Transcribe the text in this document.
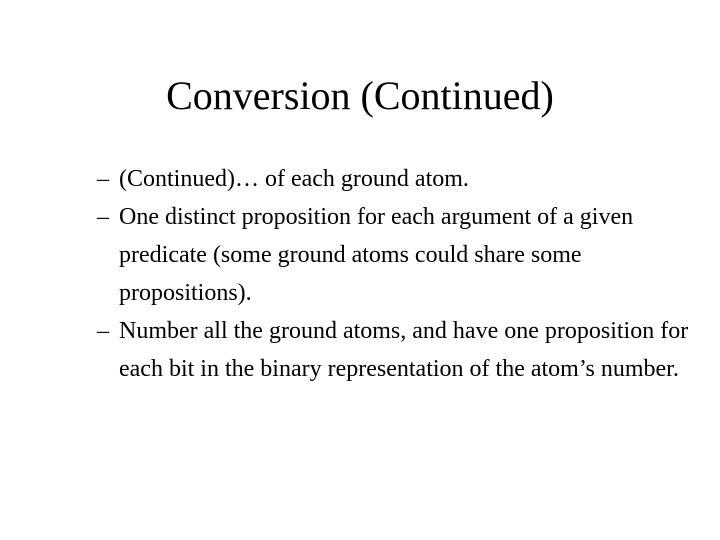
Conversion (Continued)
– (Continued)… of each ground atom.
– One distinct proposition for each argument of a given predicate (some ground atoms could share some propositions).
– Number all the ground atoms, and have one proposition for each bit in the binary representation of the atom’s number.
